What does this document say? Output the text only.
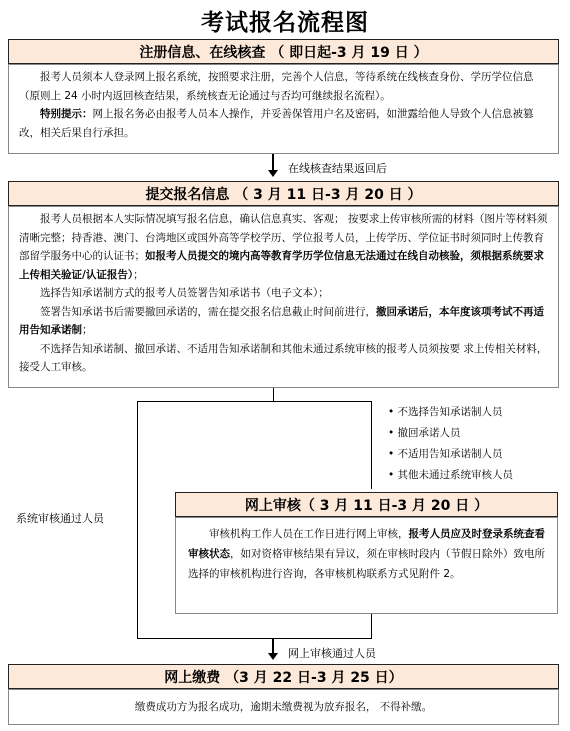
考试报名流程图
注册信息、在线核查 （ 即日起-3 月 19 日 ）

报考人员须本人登录网上报名系统，按照要求注册，完善个人信息，等待系统在线核查身份、学历学位信息（原则上 24 小时内返回核查结果，系统核查无论通过与否均可继续报名流程）。

特别提示：网上报名务必由报考人员本人操作，并妥善保管用户名及密码，如泄露给他人导致个人信息被篡改，相关后果自行承担。

在线核查结果返回后
提交报名信息 （ 3 月 11 日-3 月 20 日 ）

报考人员根据本人实际情况填写报名信息，确认信息真实、客观； 按要求上传审核所需的材料（图片等材料须清晰完整；持香港、澳门、台湾地区或国外高等学校学历、学位报考人员，上传学历、学位证书时须同时上传教育部留学服务中心的认证书；如报考人员提交的境内高等教育学历学位信息无法通过在线自动核验，须根据系统要求上传相关验证/认证报告）；

选择告知承诺制方式的报考人员签署告知承诺书（电子文本）；

签署告知承诺书后需要撤回承诺的，需在提交报名信息截止时间前进行，撤回承诺后，本年度该项考试不再适用告知承诺制；

不选择告知承诺制、撤回承诺、不适用告知承诺制和其他未通过系统审核的报考人员须按要 求上传相关材料，接受人工审核。

• 不选择告知承诺制人员
• 撤回承诺人员
• 不适用告知承诺制人员
• 其他未通过系统审核人员
系统审核通过人员
网上审核（ 3 月 11 日-3 月 20 日 ）

审核机构工作人员在工作日进行网上审核，报考人员应及时登录系统查看审核状态，如对资格审核结果有异议，须在审核时段内（节假日除外）致电所选择的审核机构进行咨询，各审核机构联系方式见附件 2。

网上审核通过人员
网上缴费 （3 月 22 日-3 月 25 日）
缴费成功方为报名成功，逾期未缴费视为放弃报名， 不得补缴。
